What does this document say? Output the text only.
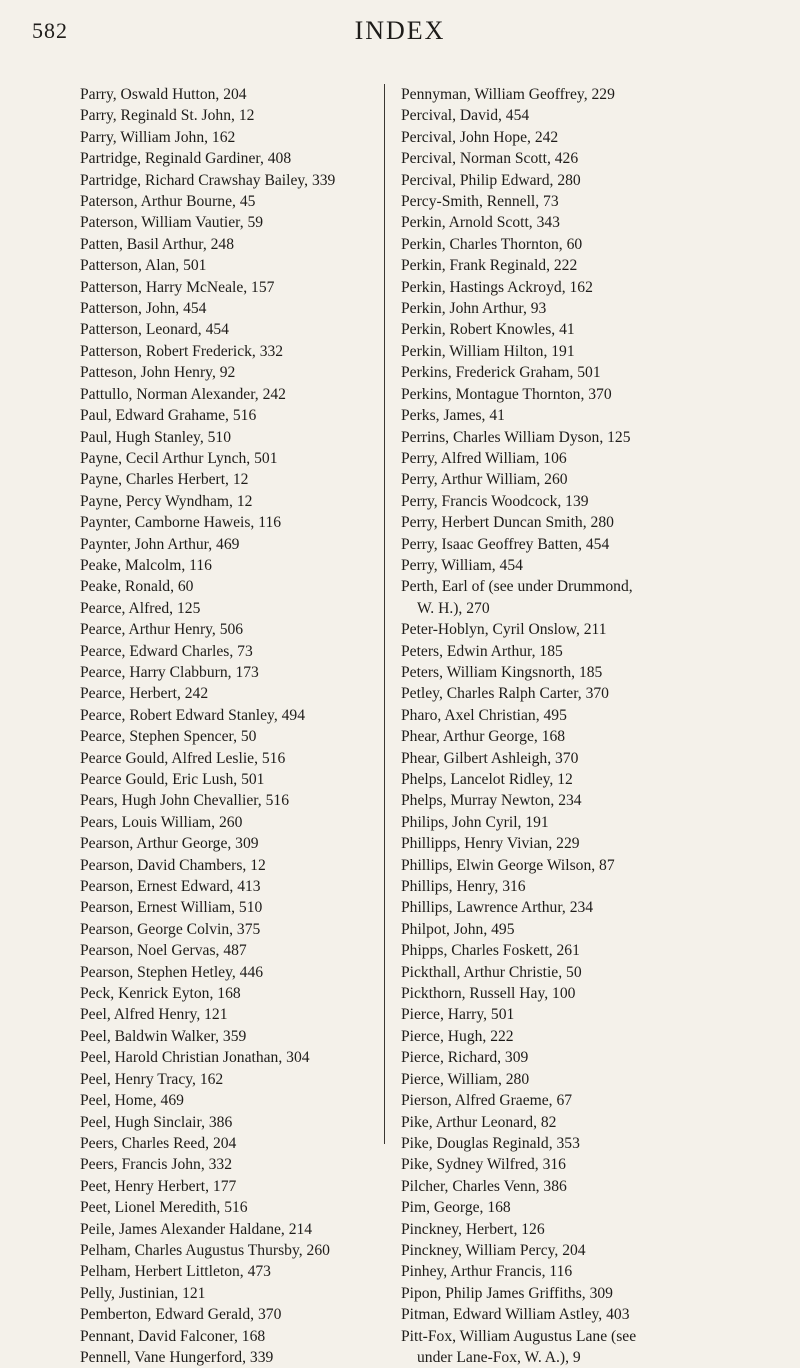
582	INDEX
Parry, Oswald Hutton, 204
Parry, Reginald St. John, 12
Parry, William John, 162
Partridge, Reginald Gardiner, 408
Partridge, Richard Crawshay Bailey, 339
Paterson, Arthur Bourne, 45
Paterson, William Vautier, 59
Patten, Basil Arthur, 248
Patterson, Alan, 501
Patterson, Harry McNeale, 157
Patterson, John, 454
Patterson, Leonard, 454
Patterson, Robert Frederick, 332
Patteson, John Henry, 92
Pattullo, Norman Alexander, 242
Paul, Edward Grahame, 516
Paul, Hugh Stanley, 510
Payne, Cecil Arthur Lynch, 501
Payne, Charles Herbert, 12
Payne, Percy Wyndham, 12
Paynter, Camborne Haweis, 116
Paynter, John Arthur, 469
Peake, Malcolm, 116
Peake, Ronald, 60
Pearce, Alfred, 125
Pearce, Arthur Henry, 506
Pearce, Edward Charles, 73
Pearce, Harry Clabburn, 173
Pearce, Herbert, 242
Pearce, Robert Edward Stanley, 494
Pearce, Stephen Spencer, 50
Pearce Gould, Alfred Leslie, 516
Pearce Gould, Eric Lush, 501
Pears, Hugh John Chevallier, 516
Pears, Louis William, 260
Pearson, Arthur George, 309
Pearson, David Chambers, 12
Pearson, Ernest Edward, 413
Pearson, Ernest William, 510
Pearson, George Colvin, 375
Pearson, Noel Gervas, 487
Pearson, Stephen Hetley, 446
Peck, Kenrick Eyton, 168
Peel, Alfred Henry, 121
Peel, Baldwin Walker, 359
Peel, Harold Christian Jonathan, 304
Peel, Henry Tracy, 162
Peel, Home, 469
Peel, Hugh Sinclair, 386
Peers, Charles Reed, 204
Peers, Francis John, 332
Peet, Henry Herbert, 177
Peet, Lionel Meredith, 516
Peile, James Alexander Haldane, 214
Pelham, Charles Augustus Thursby, 260
Pelham, Herbert Littleton, 473
Pelly, Justinian, 121
Pemberton, Edward Gerald, 370
Pennant, David Falconer, 168
Pennell, Vane Hungerford, 339
Pennyman, William Geoffrey, 229
Percival, David, 454
Percival, John Hope, 242
Percival, Norman Scott, 426
Percival, Philip Edward, 280
Percy-Smith, Rennell, 73
Perkin, Arnold Scott, 343
Perkin, Charles Thornton, 60
Perkin, Frank Reginald, 222
Perkin, Hastings Ackroyd, 162
Perkin, John Arthur, 93
Perkin, Robert Knowles, 41
Perkin, William Hilton, 191
Perkins, Frederick Graham, 501
Perkins, Montague Thornton, 370
Perks, James, 41
Perrins, Charles William Dyson, 125
Perry, Alfred William, 106
Perry, Arthur William, 260
Perry, Francis Woodcock, 139
Perry, Herbert Duncan Smith, 280
Perry, Isaac Geoffrey Batten, 454
Perry, William, 454
Perth, Earl of (see under Drummond,
W. H.), 270
Peter-Hoblyn, Cyril Onslow, 211
Peters, Edwin Arthur, 185
Peters, William Kingsnorth, 185
Petley, Charles Ralph Carter, 370
Pharo, Axel Christian, 495
Phear, Arthur George, 168
Phear, Gilbert Ashleigh, 370
Phelps, Lancelot Ridley, 12
Phelps, Murray Newton, 234
Philips, John Cyril, 191
Phillipps, Henry Vivian, 229
Phillips, Elwin George Wilson, 87
Phillips, Henry, 316
Phillips, Lawrence Arthur, 234
Philpot, John, 495
Phipps, Charles Foskett, 261
Pickthall, Arthur Christie, 50
Pickthorn, Russell Hay, 100
Pierce, Harry, 501
Pierce, Hugh, 222
Pierce, Richard, 309
Pierce, William, 280
Pierson, Alfred Graeme, 67
Pike, Arthur Leonard, 82
Pike, Douglas Reginald, 353
Pike, Sydney Wilfred, 316
Pilcher, Charles Venn, 386
Pim, George, 168
Pinckney, Herbert, 126
Pinckney, William Percy, 204
Pinhey, Arthur Francis, 116
Pipon, Philip James Griffiths, 309
Pitman, Edward William Astley, 403
Pitt-Fox, William Augustus Lane (see
under Lane-Fox, W. A.), 9
